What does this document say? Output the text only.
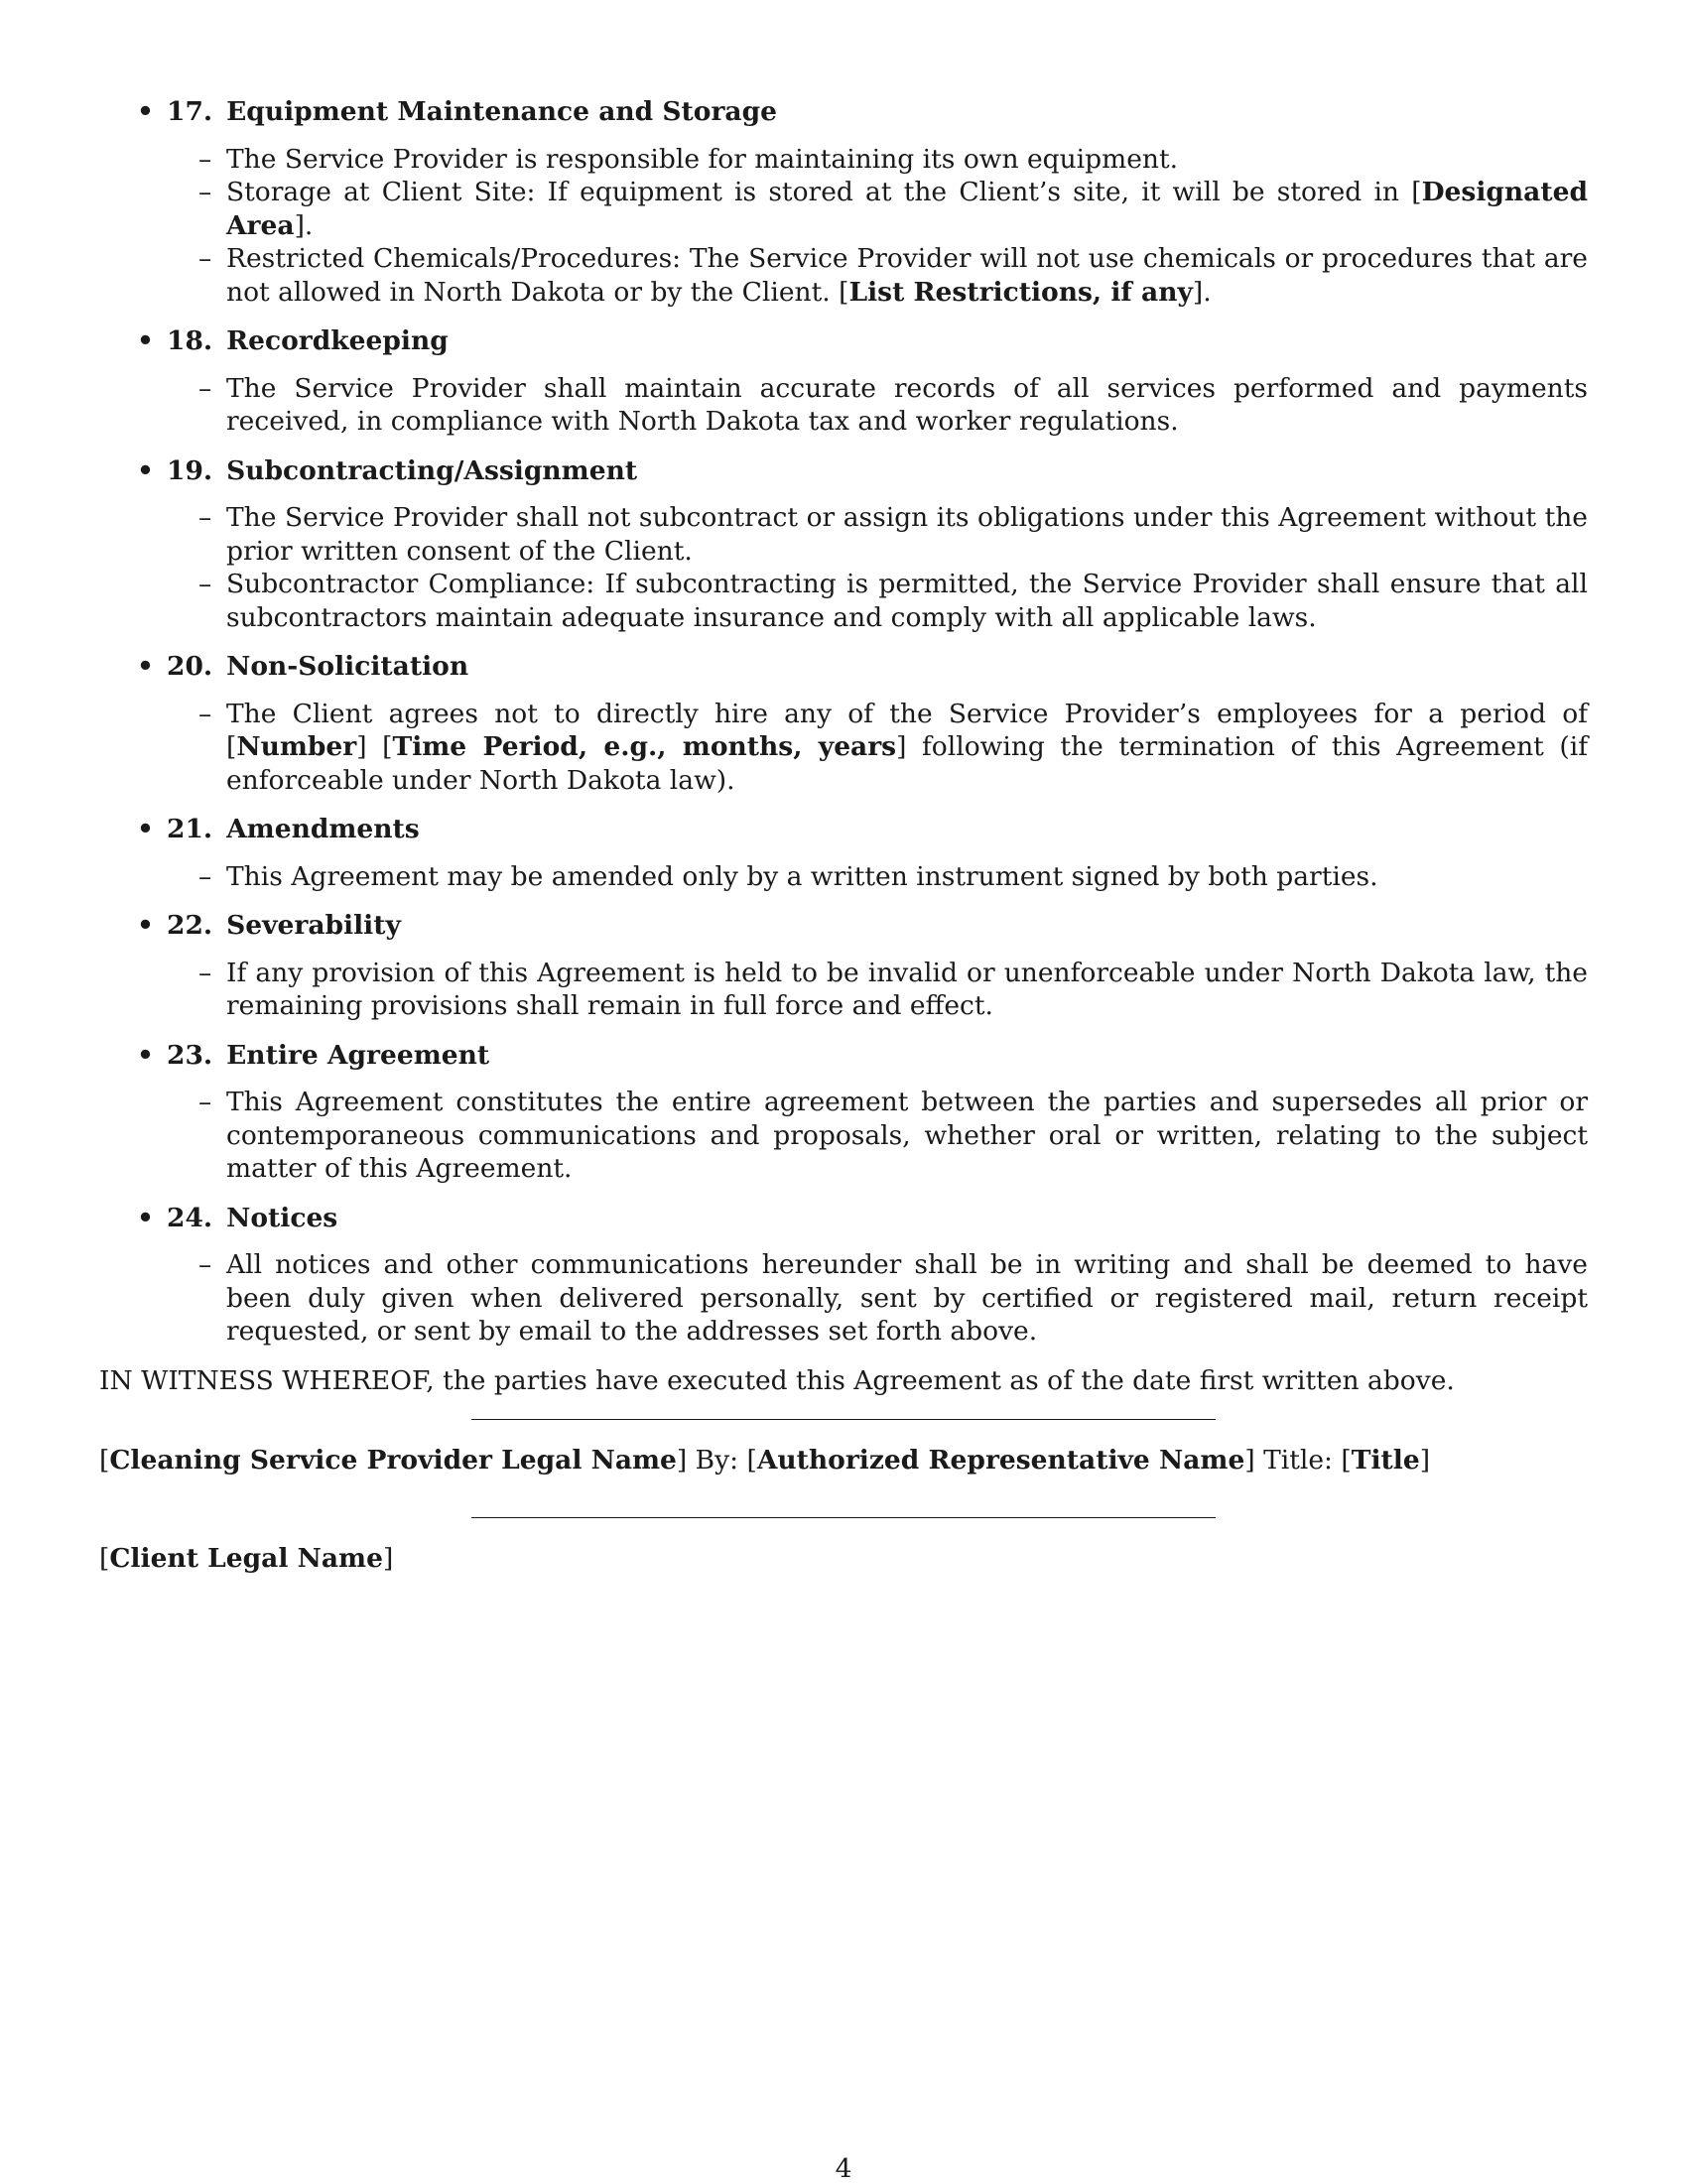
• 17. Equipment Maintenance and Storage
– The Service Provider is responsible for maintaining its own equipment.
– Storage at Client Site: If equipment is stored at the Client’s site, it will be stored in [Designated Area].
– Restricted Chemicals/Procedures: The Service Provider will not use chemicals or procedures that are not allowed in North Dakota or by the Client. [List Restrictions, if any].
• 18. Recordkeeping
– The Service Provider shall maintain accurate records of all services performed and payments received, in compliance with North Dakota tax and worker regulations.
• 19. Subcontracting/Assignment
– The Service Provider shall not subcontract or assign its obligations under this Agreement without the prior written consent of the Client.
– Subcontractor Compliance: If subcontracting is permitted, the Service Provider shall ensure that all subcontractors maintain adequate insurance and comply with all applicable laws.
• 20. Non-Solicitation
– The Client agrees not to directly hire any of the Service Provider’s employees for a period of [Number] [Time Period, e.g., months, years] following the termination of this Agreement (if enforceable under North Dakota law).
• 21. Amendments
– This Agreement may be amended only by a written instrument signed by both parties.
• 22. Severability
– If any provision of this Agreement is held to be invalid or unenforceable under North Dakota law, the remaining provisions shall remain in full force and effect.
• 23. Entire Agreement
– This Agreement constitutes the entire agreement between the parties and supersedes all prior or contemporaneous communications and proposals, whether oral or written, relating to the subject matter of this Agreement.
• 24. Notices
– All notices and other communications hereunder shall be in writing and shall be deemed to have been duly given when delivered personally, sent by certified or registered mail, return receipt requested, or sent by email to the addresses set forth above.
IN WITNESS WHEREOF, the parties have executed this Agreement as of the date first written above.
[Cleaning Service Provider Legal Name] By: [Authorized Representative Name] Title: [Title]
[Client Legal Name]
4
